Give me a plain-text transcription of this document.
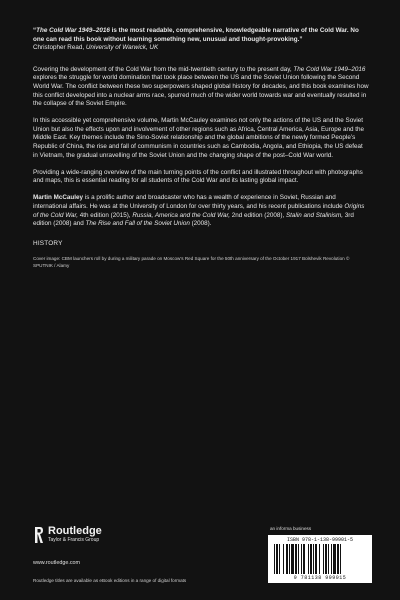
“The Cold War 1949–2016 is the most readable, comprehensive, knowledgeable narrative of the Cold War. No one can read this book without learning something new, unusual and thought-provoking.”

Christopher Read, University of Warwick, UK

Covering the development of the Cold War from the mid-twentieth century to the present day, The Cold War 1949–2016 explores the struggle for world domination that took place between the US and the Soviet Union following the Second World War. The conflict between these two superpowers shaped global history for decades, and this book examines how this conflict developed into a nuclear arms race, spurred much of the wider world towards war and eventually resulted in the collapse of the Soviet Empire.

In this accessible yet comprehensive volume, Martin McCauley examines not only the actions of the US and the Soviet Union but also the effects upon and involvement of other regions such as Africa, Central America, Asia, Europe and the Middle East. Key themes include the Sino-Soviet relationship and the global ambitions of the newly formed People’s Republic of China, the rise and fall of communism in countries such as Cambodia, Angola, and Ethiopia, the US defeat in Vietnam, the gradual unravelling of the Soviet Union and the changing shape of the post–Cold War world.

Providing a wide-ranging overview of the main turning points of the conflict and illustrated throughout with photographs and maps, this is essential reading for all students of the Cold War and its lasting global impact.

Martin McCauley is a prolific author and broadcaster who has a wealth of experience in Soviet, Russian and international affairs. He was at the University of London for over thirty years, and his recent publications include Origins of the Cold War, 4th edition (2015), Russia, America and the Cold War, 2nd edition (2008), Stalin and Stalinism, 3rd edition (2008) and The Rise and Fall of the Soviet Union (2008).

HISTORY

Cover image: CBM launchers roll by during a military parade on Moscow’s Red Square for the 50th anniversary of the October 1917 Bolshevik Revolution © SPUTNIK / Alamy

Routledge
Taylor & Francis Group
www.routledge.com
Routledge titles are available as eBook editions in a range of digital formats
an informa business
ISBN 978-1-138-99901-5
9 781138 999015
